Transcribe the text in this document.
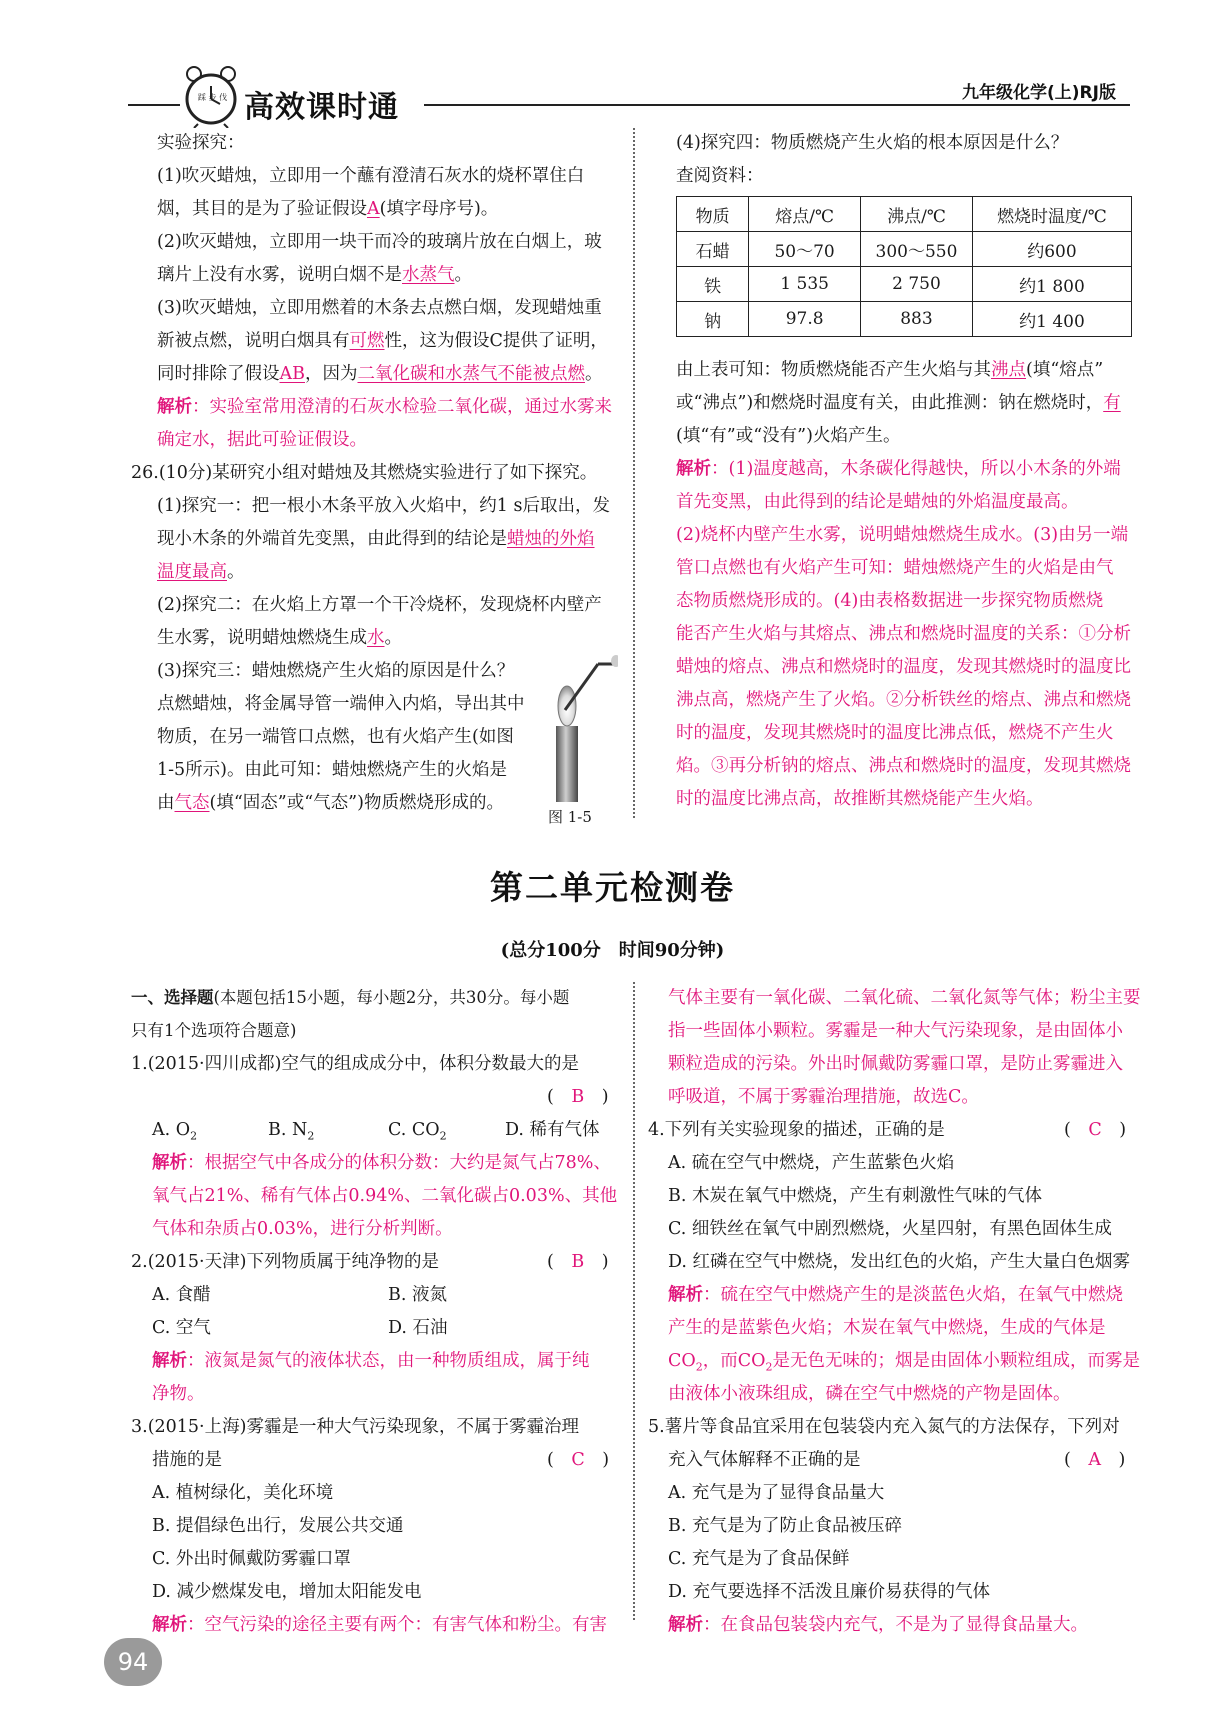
踩 步 伐 高效课时通	九年级化学(上)RJ版
实验探究：
(1)吹灭蜡烛，立即用一个蘸有澄清石灰水的烧杯罩住白
烟，其目的是为了验证假设A(填字母序号)。
(2)吹灭蜡烛，立即用一块干而冷的玻璃片放在白烟上，玻
璃片上没有水雾，说明白烟不是水蒸气。
(3)吹灭蜡烛，立即用燃着的木条去点燃白烟，发现蜡烛重
新被点燃，说明白烟具有可燃性，这为假设C提供了证明，
同时排除了假设AB，因为二氧化碳和水蒸气不能被点燃。
解析：实验室常用澄清的石灰水检验二氧化碳，通过水雾来
确定水，据此可验证假设。
26.(10分)某研究小组对蜡烛及其燃烧实验进行了如下探究。
(1)探究一：把一根小木条平放入火焰中，约1 s后取出，发
现小木条的外端首先变黑，由此得到的结论是蜡烛的外焰
温度最高。
(2)探究二：在火焰上方罩一个干冷烧杯，发现烧杯内壁产
生水雾，说明蜡烛燃烧生成水。
(3)探究三：蜡烛燃烧产生火焰的原因是什么？
点燃蜡烛，将金属导管一端伸入内焰，导出其中
物质，在另一端管口点燃，也有火焰产生(如图
1-5所示)。由此可知：蜡烛燃烧产生的火焰是
由气态(填“固态”或“气态”)物质燃烧形成的。
图 1-5
(4)探究四：物质燃烧产生火焰的根本原因是什么？
查阅资料：
物质	熔点/℃	沸点/℃	燃烧时温度/℃
石蜡	50～70	300～550	约600
铁	1 535	2 750	约1 800
钠	97.8	883	约1 400
由上表可知：物质燃烧能否产生火焰与其沸点(填“熔点”
或“沸点”)和燃烧时温度有关，由此推测：钠在燃烧时，有
(填“有”或“没有”)火焰产生。
解析：(1)温度越高，木条碳化得越快，所以小木条的外端
首先变黑，由此得到的结论是蜡烛的外焰温度最高。
(2)烧杯内壁产生水雾，说明蜡烛燃烧生成水。(3)由另一端
管口点燃也有火焰产生可知：蜡烛燃烧产生的火焰是由气
态物质燃烧形成的。(4)由表格数据进一步探究物质燃烧
能否产生火焰与其熔点、沸点和燃烧时温度的关系：①分析
蜡烛的熔点、沸点和燃烧时的温度，发现其燃烧时的温度比
沸点高，燃烧产生了火焰。②分析铁丝的熔点、沸点和燃烧
时的温度，发现其燃烧时的温度比沸点低，燃烧不产生火
焰。③再分析钠的熔点、沸点和燃烧时的温度，发现其燃烧
时的温度比沸点高，故推断其燃烧能产生火焰。
第二单元检测卷
(总分100分　时间90分钟)
一、选择题(本题包括15小题，每小题2分，共30分。每小题
只有1个选项符合题意)
1.(2015·四川成都)空气的组成成分中，体积分数最大的是
(　B　)
A. $O_2$	B. $N_2$	C. $CO_2$	D. 稀有气体
解析：根据空气中各成分的体积分数：大约是氮气占78%、
氧气占21%、稀有气体占0.94%、二氧化碳占0.03%、其他
气体和杂质占0.03%，进行分析判断。
2.(2015·天津)下列物质属于纯净物的是	(　B　)
A. 食醋	B. 液氮
C. 空气	D. 石油
解析：液氮是氮气的液体状态，由一种物质组成，属于纯
净物。
3.(2015·上海)雾霾是一种大气污染现象，不属于雾霾治理
措施的是	(　C　)
A. 植树绿化，美化环境
B. 提倡绿色出行，发展公共交通
C. 外出时佩戴防雾霾口罩
D. 减少燃煤发电，增加太阳能发电
解析：空气污染的途径主要有两个：有害气体和粉尘。有害
气体主要有一氧化碳、二氧化硫、二氧化氮等气体；粉尘主要
指一些固体小颗粒。雾霾是一种大气污染现象，是由固体小
颗粒造成的污染。外出时佩戴防雾霾口罩，是防止雾霾进入
呼吸道，不属于雾霾治理措施，故选C。
4.下列有关实验现象的描述，正确的是	(　C　)
A. 硫在空气中燃烧，产生蓝紫色火焰
B. 木炭在氧气中燃烧，产生有刺激性气味的气体
C. 细铁丝在氧气中剧烈燃烧，火星四射，有黑色固体生成
D. 红磷在空气中燃烧，发出红色的火焰，产生大量白色烟雾
解析：硫在空气中燃烧产生的是淡蓝色火焰，在氧气中燃烧
产生的是蓝紫色火焰；木炭在氧气中燃烧，生成的气体是
$CO_2$，而$CO_2$是无色无味的；烟是由固体小颗粒组成，而雾是
由液体小液珠组成，磷在空气中燃烧的产物是固体。
5.薯片等食品宜采用在包装袋内充入氮气的方法保存，下列对
充入气体解释不正确的是	(　A　)
A. 充气是为了显得食品量大
B. 充气是为了防止食品被压碎
C. 充气是为了食品保鲜
D. 充气要选择不活泼且廉价易获得的气体
解析：在食品包装袋内充气，不是为了显得食品量大。
94
